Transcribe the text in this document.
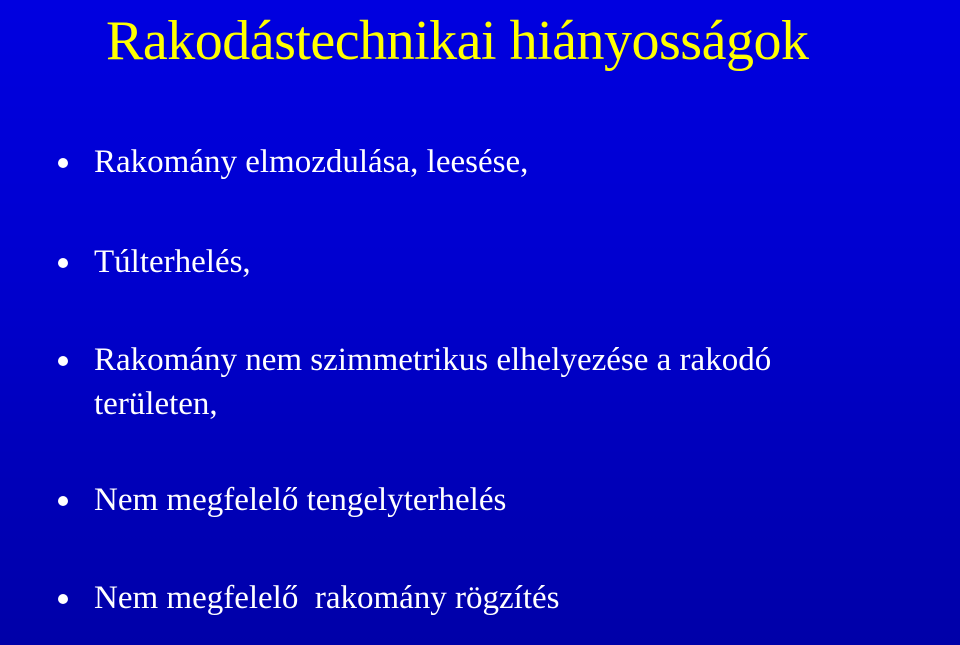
Rakodástechnikai hiányosságok
Rakomány elmozdulása, leesése,
Túlterhelés,
Rakomány nem szimmetrikus elhelyezése a rakodó
területen,
Nem megfelelő tengelyterhelés
Nem megfelelő  rakomány rögzítés
